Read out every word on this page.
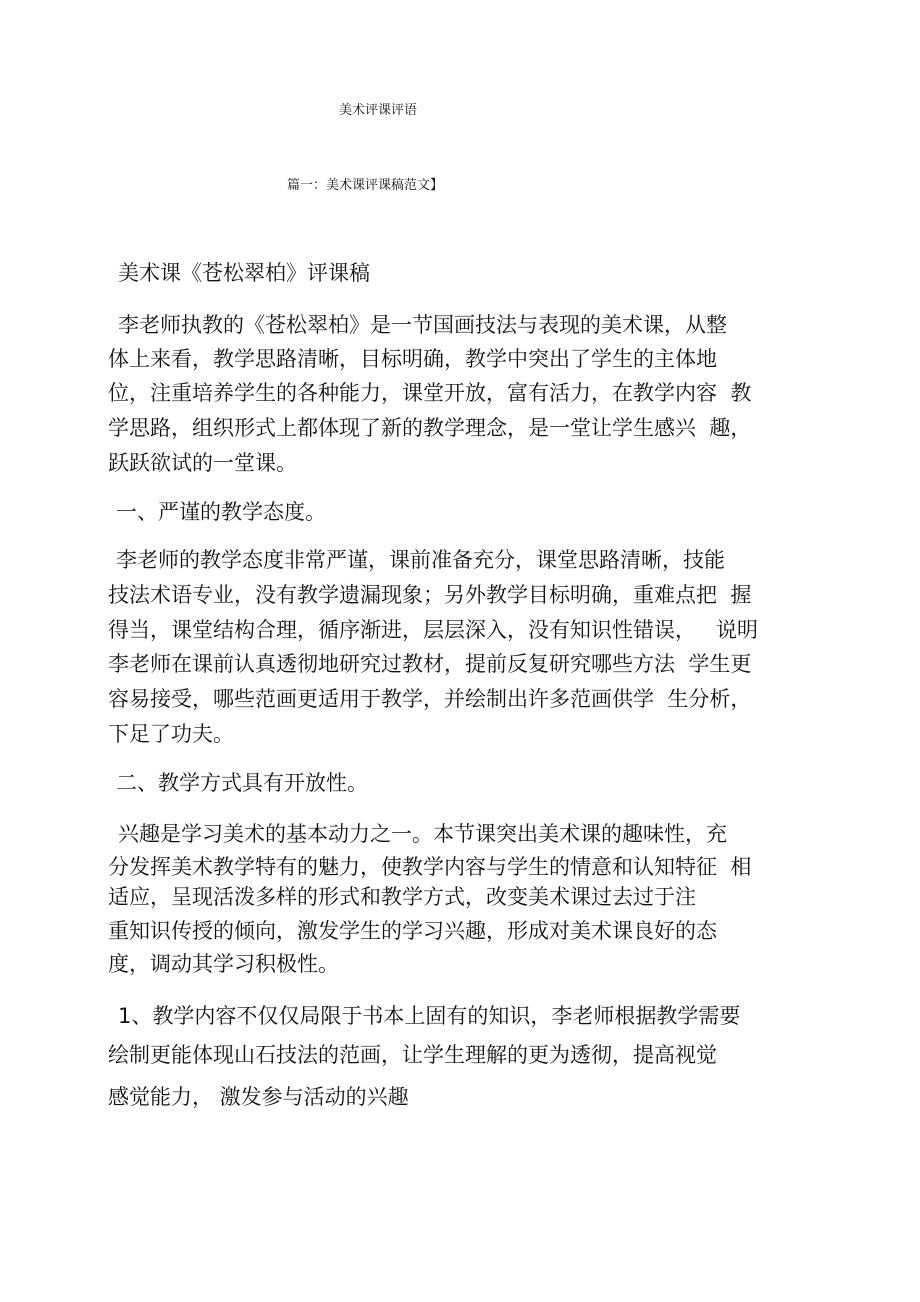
美术评课评语

篇一：美术课评课稿范文】

美术课《苍松翠柏》评课稿

李老师执教的《苍松翠柏》是一节国画技法与表现的美术课，从整

体上来看，教学思路清晰，目标明确，教学中突出了学生的主体地

位，注重培养学生的各种能力，课堂开放，富有活力，在教学内容  教

学思路，组织形式上都体现了新的教学理念，是一堂让学生感兴  趣，

跃跃欲试的一堂课。

一、严谨的教学态度。

李老师的教学态度非常严谨，课前准备充分，课堂思路清晰，技能

技法术语专业，没有教学遗漏现象；另外教学目标明确，重难点把  握

得当，课堂结构合理，循序渐进，层层深入，没有知识性错误，   说明

李老师在课前认真透彻地研究过教材，提前反复研究哪些方法  学生更

容易接受，哪些范画更适用于教学，并绘制出许多范画供学  生分析，

下足了功夫。

二、教学方式具有开放性。

兴趣是学习美术的基本动力之一。本节课突出美术课的趣味性，充

分发挥美术教学特有的魅力，使教学内容与学生的情意和认知特征  相

适应，呈现活泼多样的形式和教学方式，改变美术课过去过于注

重知识传授的倾向，激发学生的学习兴趣，形成对美术课良好的态

度，调动其学习积极性。

1、教学内容不仅仅局限于书本上固有的知识，李老师根据教学需要

绘制更能体现山石技法的范画，让学生理解的更为透彻，提高视觉

感觉能力， 激发参与活动的兴趣
